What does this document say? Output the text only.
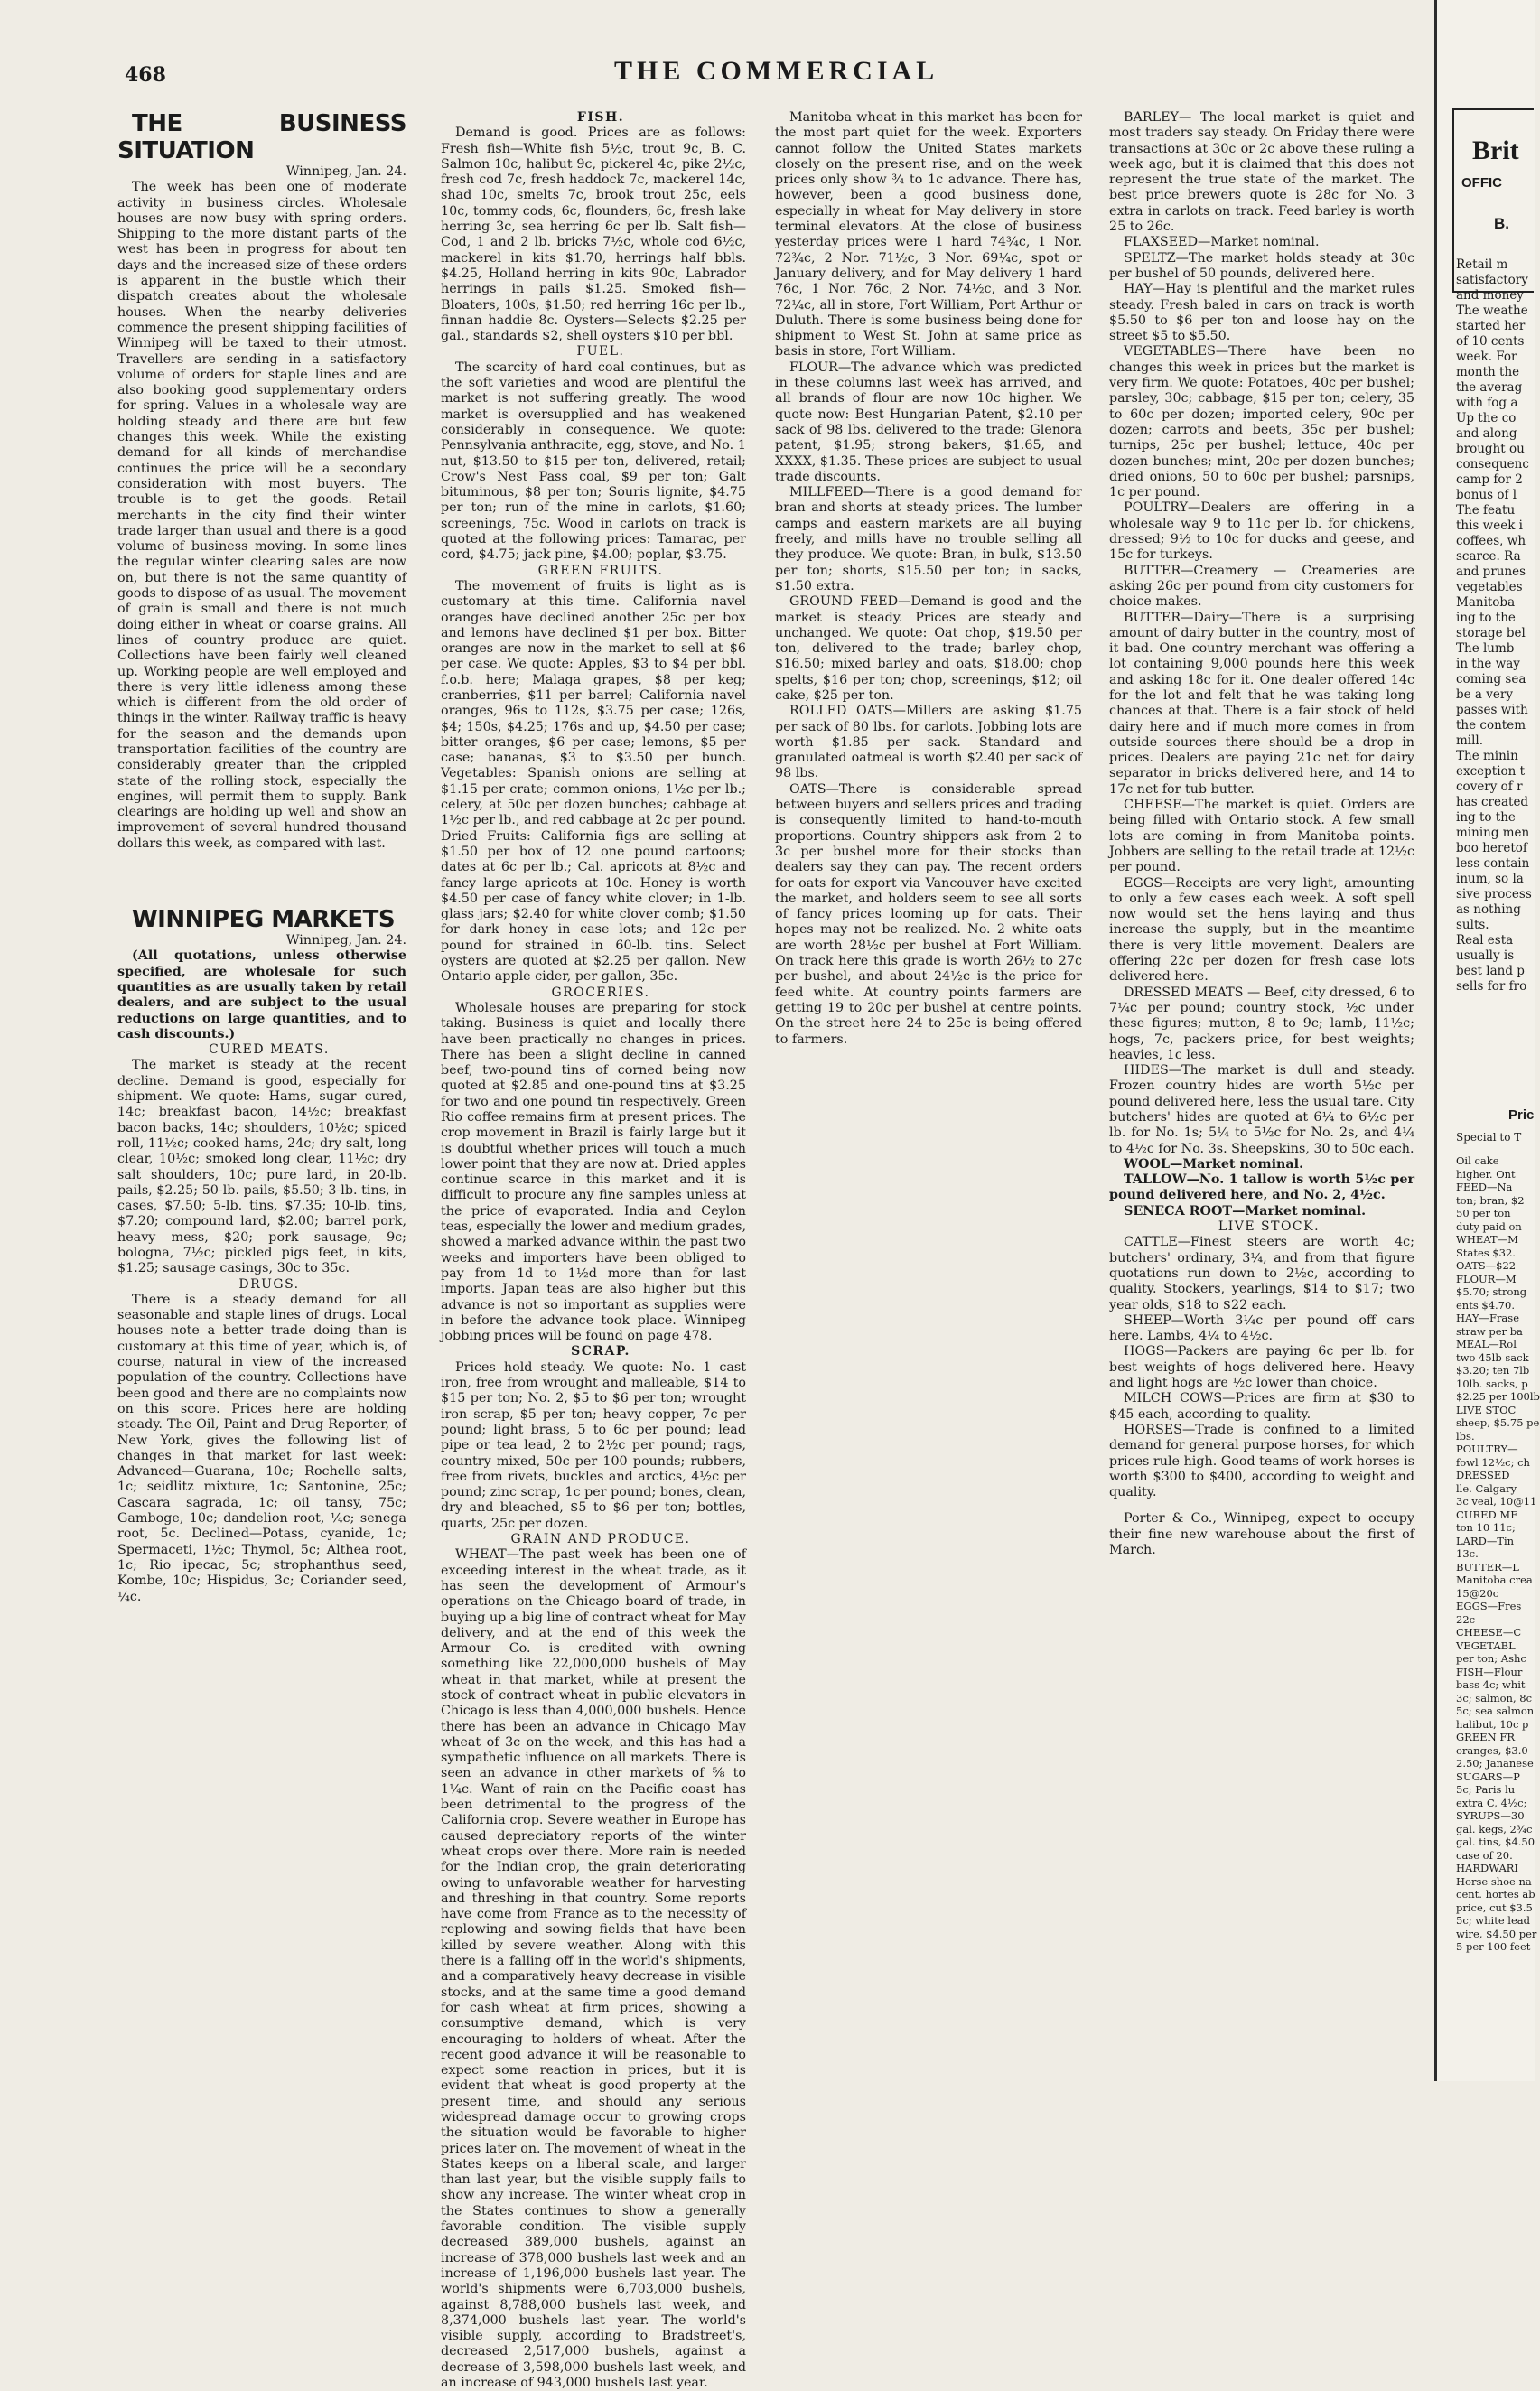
468	THE COMMERCIAL

THE BUSINESS SITUATION

Winnipeg, Jan. 24.

The week has been one of moderate activity in business circles. Wholesale houses are now busy with spring orders. Shipping to the more distant parts of the west has been in progress for about ten days and the increased size of these orders is apparent in the bustle which their dispatch creates about the wholesale houses. When the nearby deliveries commence the present shipping facilities of Winnipeg will be taxed to their utmost. Travellers are sending in a satisfactory volume of orders for staple lines and are also booking good supplementary orders for spring. Values in a wholesale way are holding steady and there are but few changes this week. While the existing demand for all kinds of merchandise continues the price will be a secondary consideration with most buyers. The trouble is to get the goods. Retail merchants in the city find their winter trade larger than usual and there is a good volume of business moving. In some lines the regular winter clearing sales are now on, but there is not the same quantity of goods to dispose of as usual. The movement of grain is small and there is not much doing either in wheat or coarse grains. All lines of country produce are quiet. Collections have been fairly well cleaned up. Working people are well employed and there is very little idleness among these which is different from the old order of things in the winter. Railway traffic is heavy for the season and the demands upon transportation facilities of the country are considerably greater than the crippled state of the rolling stock, especially the engines, will permit them to supply. Bank clearings are holding up well and show an improvement of several hundred thousand dollars this week, as compared with last.

WINNIPEG MARKETS

Winnipeg, Jan. 24.

(All quotations, unless otherwise specified, are wholesale for such quantities as are usually taken by retail dealers, and are subject to the usual reductions on large quantities, and to cash discounts.)

CURED MEATS.

The market is steady at the recent decline. Demand is good, especially for shipment. We quote: Hams, sugar cured, 14c; breakfast bacon, 14½c; breakfast bacon backs, 14c; shoulders, 10½c; spiced roll, 11½c; cooked hams, 24c; dry salt, long clear, 10½c; smoked long clear, 11½c; dry salt shoulders, 10c; pure lard, in 20-lb. pails, $2.25; 50-lb. pails, $5.50; 3-lb. tins, in cases, $7.50; 5-lb. tins, $7.35; 10-lb. tins, $7.20; compound lard, $2.00; barrel pork, heavy mess, $20; pork sausage, 9c; bologna, 7½c; pickled pigs feet, in kits, $1.25; sausage casings, 30c to 35c.

DRUGS.

There is a steady demand for all seasonable and staple lines of drugs. Local houses note a better trade doing than is customary at this time of year, which is, of course, natural in view of the increased population of the country. Collections have been good and there are no complaints now on this score. Prices here are holding steady. The Oil, Paint and Drug Reporter, of New York, gives the following list of changes in that market for last week: Advanced—Guarana, 10c; Rochelle salts, 1c; seidlitz mixture, 1c; Santonine, 25c; Cascara sagrada, 1c; oil tansy, 75c; Gamboge, 10c; dandelion root, ¼c; senega root, 5c. Declined—Potass, cyanide, 1c; Spermaceti, 1½c; Thymol, 5c; Althea root, 1c; Rio ipecac, 5c; strophanthus seed, Kombe, 10c; Hispidus, 3c; Coriander seed, ¼c.

FISH.

Demand is good. Prices are as follows: Fresh fish—White fish 5½c, trout 9c, B. C. Salmon 10c, halibut 9c, pickerel 4c, pike 2½c, fresh cod 7c, fresh haddock 7c, mackerel 14c, shad 10c, smelts 7c, brook trout 25c, eels 10c, tommy cods, 6c, flounders, 6c, fresh lake herring 3c, sea herring 6c per lb. Salt fish—Cod, 1 and 2 lb. bricks 7½c, whole cod 6½c, mackerel in kits $1.70, herrings half bbls. $4.25, Holland herring in kits 90c, Labrador herrings in pails $1.25. Smoked fish—Bloaters, 100s, $1.50; red herring 16c per lb., finnan haddie 8c. Oysters—Selects $2.25 per gal., standards $2, shell oysters $10 per bbl.

FUEL.

The scarcity of hard coal continues, but as the soft varieties and wood are plentiful the market is not suffering greatly. The wood market is oversupplied and has weakened considerably in consequence. We quote: Pennsylvania anthracite, egg, stove, and No. 1 nut, $13.50 to $15 per ton, delivered, retail; Crow's Nest Pass coal, $9 per ton; Galt bituminous, $8 per ton; Souris lignite, $4.75 per ton; run of the mine in carlots, $1.60; screenings, 75c. Wood in carlots on track is quoted at the following prices: Tamarac, per cord, $4.75; jack pine, $4.00; poplar, $3.75.

GREEN FRUITS.

The movement of fruits is light as is customary at this time. California navel oranges have declined another 25c per box and lemons have declined $1 per box. Bitter oranges are now in the market to sell at $6 per case. We quote: Apples, $3 to $4 per bbl. f.o.b. here; Malaga grapes, $8 per keg; cranberries, $11 per barrel; California navel oranges, 96s to 112s, $3.75 per case; 126s, $4; 150s, $4.25; 176s and up, $4.50 per case; bitter oranges, $6 per case; lemons, $5 per case; bananas, $3 to $3.50 per bunch. Vegetables: Spanish onions are selling at $1.15 per crate; common onions, 1½c per lb.; celery, at 50c per dozen bunches; cabbage at 1½c per lb., and red cabbage at 2c per pound. Dried Fruits: California figs are selling at $1.50 per box of 12 one pound cartoons; dates at 6c per lb.; Cal. apricots at 8½c and fancy large apricots at 10c. Honey is worth $4.50 per case of fancy white clover; in 1-lb. glass jars; $2.40 for white clover comb; $1.50 for dark honey in case lots; and 12c per pound for strained in 60-lb. tins. Select oysters are quoted at $2.25 per gallon. New Ontario apple cider, per gallon, 35c.

GROCERIES.

Wholesale houses are preparing for stock taking. Business is quiet and locally there have been practically no changes in prices. There has been a slight decline in canned beef, two-pound tins of corned being now quoted at $2.85 and one-pound tins at $3.25 for two and one pound tin respectively. Green Rio coffee remains firm at present prices. The crop movement in Brazil is fairly large but it is doubtful whether prices will touch a much lower point that they are now at. Dried apples continue scarce in this market and it is difficult to procure any fine samples unless at the price of evaporated. India and Ceylon teas, especially the lower and medium grades, showed a marked advance within the past two weeks and importers have been obliged to pay from 1d to 1½d more than for last imports. Japan teas are also higher but this advance is not so important as supplies were in before the advance took place. Winnipeg jobbing prices will be found on page 478.

SCRAP.

Prices hold steady. We quote: No. 1 cast iron, free from wrought and malleable, $14 to $15 per ton; No. 2, $5 to $6 per ton; wrought iron scrap, $5 per ton; heavy copper, 7c per pound; light brass, 5 to 6c per pound; lead pipe or tea lead, 2 to 2½c per pound; rags, country mixed, 50c per 100 pounds; rubbers, free from rivets, buckles and arctics, 4½c per pound; zinc scrap, 1c per pound; bones, clean, dry and bleached, $5 to $6 per ton; bottles, quarts, 25c per dozen.

GRAIN AND PRODUCE.

WHEAT—The past week has been one of exceeding interest in the wheat trade, as it has seen the development of Armour's operations on the Chicago board of trade, in buying up a big line of contract wheat for May delivery, and at the end of this week the Armour Co. is credited with owning something like 22,000,000 bushels of May wheat in that market, while at present the stock of contract wheat in public elevators in Chicago is less than 4,000,000 bushels. Hence there has been an advance in Chicago May wheat of 3c on the week, and this has had a sympathetic influence on all markets. There is seen an advance in other markets of ⅝ to 1¼c. Want of rain on the Pacific coast has been detrimental to the progress of the California crop. Severe weather in Europe has caused depreciatory reports of the winter wheat crops over there. More rain is needed for the Indian crop, the grain deteriorating owing to unfavorable weather for harvesting and threshing in that country. Some reports have come from France as to the necessity of replowing and sowing fields that have been killed by severe weather. Along with this there is a falling off in the world's shipments, and a comparatively heavy decrease in visible stocks, and at the same time a good demand for cash wheat at firm prices, showing a consumptive demand, which is very encouraging to holders of wheat. After the recent good advance it will be reasonable to expect some reaction in prices, but it is evident that wheat is good property at the present time, and should any serious widespread damage occur to growing crops the situation would be favorable to higher prices later on. The movement of wheat in the States keeps on a liberal scale, and larger than last year, but the visible supply fails to show any increase. The winter wheat crop in the States continues to show a generally favorable condition. The visible supply decreased 389,000 bushels, against an increase of 378,000 bushels last week and an increase of 1,196,000 bushels last year. The world's shipments were 6,703,000 bushels, against 8,788,000 bushels last week, and 8,374,000 bushels last year. The world's visible supply, according to Bradstreet's, decreased 2,517,000 bushels, against a decrease of 3,598,000 bushels last week, and an increase of 943,000 bushels last year.

Manitoba wheat in this market has been for the most part quiet for the week. Exporters cannot follow the United States markets closely on the present rise, and on the week prices only show ¾ to 1c advance. There has, however, been a good business done, especially in wheat for May delivery in store terminal elevators. At the close of business yesterday prices were 1 hard 74¾c, 1 Nor. 72¾c, 2 Nor. 71½c, 3 Nor. 69¼c, spot or January delivery, and for May delivery 1 hard 76c, 1 Nor. 76c, 2 Nor. 74½c, and 3 Nor. 72¼c, all in store, Fort William, Port Arthur or Duluth. There is some business being done for shipment to West St. John at same price as basis in store, Fort William.

FLOUR—The advance which was predicted in these columns last week has arrived, and all brands of flour are now 10c higher. We quote now: Best Hungarian Patent, $2.10 per sack of 98 lbs. delivered to the trade; Glenora patent, $1.95; strong bakers, $1.65, and XXXX, $1.35. These prices are subject to usual trade discounts.

MILLFEED—There is a good demand for bran and shorts at steady prices. The lumber camps and eastern markets are all buying freely, and mills have no trouble selling all they produce. We quote: Bran, in bulk, $13.50 per ton; shorts, $15.50 per ton; in sacks, $1.50 extra.

GROUND FEED—Demand is good and the market is steady. Prices are steady and unchanged. We quote: Oat chop, $19.50 per ton, delivered to the trade; barley chop, $16.50; mixed barley and oats, $18.00; chop spelts, $16 per ton; chop, screenings, $12; oil cake, $25 per ton.

ROLLED OATS—Millers are asking $1.75 per sack of 80 lbs. for carlots. Jobbing lots are worth $1.85 per sack. Standard and granulated oatmeal is worth $2.40 per sack of 98 lbs.

OATS—There is considerable spread between buyers and sellers prices and trading is consequently limited to hand-to-mouth proportions. Country shippers ask from 2 to 3c per bushel more for their stocks than dealers say they can pay. The recent orders for oats for export via Vancouver have excited the market, and holders seem to see all sorts of fancy prices looming up for oats. Their hopes may not be realized. No. 2 white oats are worth 28½c per bushel at Fort William. On track here this grade is worth 26½ to 27c per bushel, and about 24½c is the price for feed white. At country points farmers are getting 19 to 20c per bushel at centre points. On the street here 24 to 25c is being offered to farmers.

BARLEY— The local market is quiet and most traders say steady. On Friday there were transactions at 30c or 2c above these ruling a week ago, but it is claimed that this does not represent the true state of the market. The best price brewers quote is 28c for No. 3 extra in carlots on track. Feed barley is worth 25 to 26c.

FLAXSEED—Market nominal.

SPELTZ—The market holds steady at 30c per bushel of 50 pounds, delivered here.

HAY—Hay is plentiful and the market rules steady. Fresh baled in cars on track is worth $5.50 to $6 per ton and loose hay on the street $5 to $5.50.

VEGETABLES—There have been no changes this week in prices but the market is very firm. We quote: Potatoes, 40c per bushel; parsley, 30c; cabbage, $15 per ton; celery, 35 to 60c per dozen; imported celery, 90c per dozen; carrots and beets, 35c per bushel; turnips, 25c per bushel; lettuce, 40c per dozen bunches; mint, 20c per dozen bunches; dried onions, 50 to 60c per bushel; parsnips, 1c per pound.

POULTRY—Dealers are offering in a wholesale way 9 to 11c per lb. for chickens, dressed; 9½ to 10c for ducks and geese, and 15c for turkeys.

BUTTER—Creamery — Creameries are asking 26c per pound from city customers for choice makes.

BUTTER—Dairy—There is a surprising amount of dairy butter in the country, most of it bad. One country merchant was offering a lot containing 9,000 pounds here this week and asking 18c for it. One dealer offered 14c for the lot and felt that he was taking long chances at that. There is a fair stock of held dairy here and if much more comes in from outside sources there should be a drop in prices. Dealers are paying 21c net for dairy separator in bricks delivered here, and 14 to 17c net for tub butter.

CHEESE—The market is quiet. Orders are being filled with Ontario stock. A few small lots are coming in from Manitoba points. Jobbers are selling to the retail trade at 12½c per pound.

EGGS—Receipts are very light, amounting to only a few cases each week. A soft spell now would set the hens laying and thus increase the supply, but in the meantime there is very little movement. Dealers are offering 22c per dozen for fresh case lots delivered here.

DRESSED MEATS — Beef, city dressed, 6 to 7¼c per pound; country stock, ½c under these figures; mutton, 8 to 9c; lamb, 11½c; hogs, 7c, packers price, for best weights; heavies, 1c less.

HIDES—The market is dull and steady. Frozen country hides are worth 5½c per pound delivered here, less the usual tare. City butchers' hides are quoted at 6¼ to 6½c per lb. for No. 1s; 5¼ to 5½c for No. 2s, and 4¼ to 4½c for No. 3s. Sheepskins, 30 to 50c each.

WOOL—Market nominal.

TALLOW—No. 1 tallow is worth 5½c per pound delivered here, and No. 2, 4½c.

SENECA ROOT—Market nominal.

LIVE STOCK.

CATTLE—Finest steers are worth 4c; butchers' ordinary, 3¼, and from that figure quotations run down to 2½c, according to quality. Stockers, yearlings, $14 to $17; two year olds, $18 to $22 each.

SHEEP—Worth 3¼c per pound off cars here. Lambs, 4¼ to 4½c.

HOGS—Packers are paying 6c per lb. for best weights of hogs delivered here. Heavy and light hogs are ½c lower than choice.

MILCH COWS—Prices are firm at $30 to $45 each, according to quality.

HORSES—Trade is confined to a limited demand for general purpose horses, for which prices rule high. Good teams of work horses is worth $300 to $400, according to weight and quality.

Porter & Co., Winnipeg, expect to occupy their fine new warehouse about the first of March.

Brit
OFFIC
B.
Retail m
satisfactory
and money
The weathe
started her
of 10 cents
week. For
month the
the averag
with fog a
Up the co
and along
brought ou
consequenc
camp for 2
bonus of l
The featu
this week i
coffees, wh
scarce. Ra
and prunes
vegetables
Manitoba
ing to the
storage bel
The lumb
in the way
coming sea
be a very
passes with
the contem
mill.
The minin
exception t
covery of r
has created
ing to the
mining men
boo heretof
less contain
inum, so la
sive process
as nothing
sults.
Real esta
usually is
best land p
sells for fro
Pric
Special to T
Oil cake
higher. Ont
FEED—Na
ton; bran, $2
50 per ton
duty paid on
WHEAT—M
States $32.
OATS—$22
FLOUR—M
$5.70; strong
ents $4.70.
HAY—Frase
straw per ba
MEAL—Rol
two 45lb sack
$3.20; ten 7lb
10lb. sacks, p
$2.25 per 100lb
LIVE STOC
sheep, $5.75 pe
lbs.
POULTRY—
fowl 12½c; ch
DRESSED
lle. Calgary
3c veal, 10@11
CURED ME
ton 10 11c;
LARD—Tin
13c.
BUTTER—L
Manitoba crea
15@20c
EGGS—Fres
22c
CHEESE—C
VEGETABL
per ton; Ashc
FISH—Flour
bass 4c; whit
3c; salmon, 8c
5c; sea salmon
halibut, 10c p
GREEN FR
oranges, $3.0
2.50; Jananese
SUGARS—P
5c; Paris lu
extra C, 4½c;
SYRUPS—30
gal. kegs, 2¾c
gal. tins, $4.50
case of 20.
HARDWARI
Horse shoe na
cent. hortes ab
price, cut $3.5
5c; white lead
wire, $4.50 per
5 per 100 feet
